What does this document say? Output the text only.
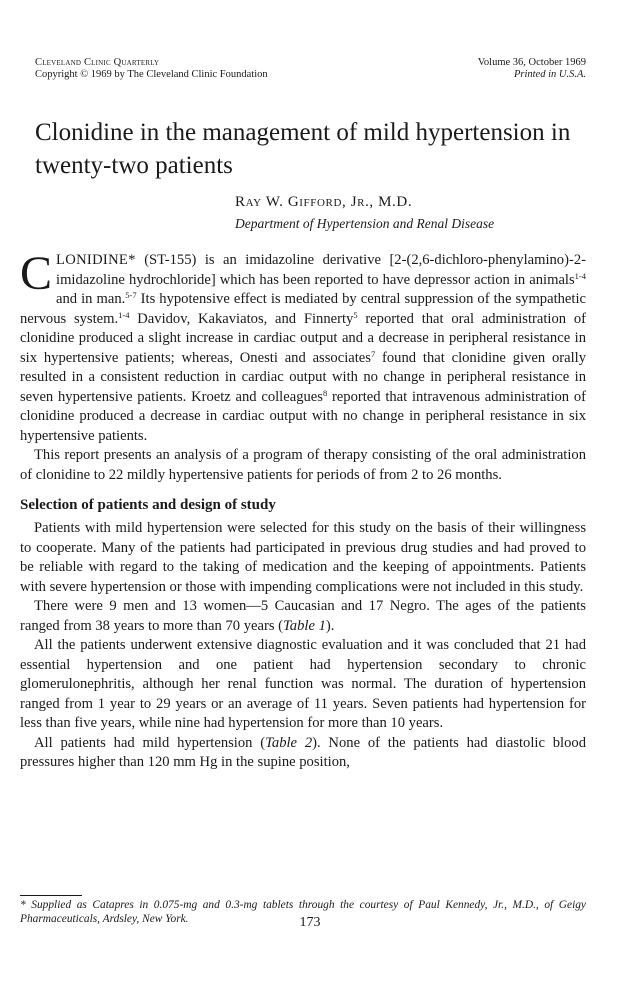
Cleveland Clinic Quarterly
Copyright © 1969 by The Cleveland Clinic Foundation
Volume 36, October 1969
Printed in U.S.A.
Clonidine in the management of mild hypertension in twenty-two patients
Ray W. Gifford, Jr., M.D.
Department of Hypertension and Renal Disease

CLONIDINE* (ST-155) is an imidazoline derivative [2-(2,6-dichloro-phenylamino)-2-imidazoline hydrochloride] which has been reported to have depressor action in animals$^{1-4}$ and in man.$^{5-7}$ Its hypotensive effect is mediated by central suppression of the sympathetic nervous system.$^{1-4}$ Davidov, Kakaviatos, and Finnerty$^5$ reported that oral administration of clonidine produced a slight increase in cardiac output and a decrease in peripheral resistance in six hypertensive patients; whereas, Onesti and associates$^7$ found that clonidine given orally resulted in a consistent reduction in cardiac output with no change in peripheral resistance in seven hypertensive patients. Kroetz and colleagues$^8$ reported that intravenous administration of clonidine produced a decrease in cardiac output with no change in peripheral resistance in six hypertensive patients.

This report presents an analysis of a program of therapy consisting of the oral administration of clonidine to 22 mildly hypertensive patients for periods of from 2 to 26 months.

Selection of patients and design of study

Patients with mild hypertension were selected for this study on the basis of their willingness to cooperate. Many of the patients had participated in previous drug studies and had proved to be reliable with regard to the taking of medication and the keeping of appointments. Patients with severe hypertension or those with impending complications were not included in this study.

There were 9 men and 13 women—5 Caucasian and 17 Negro. The ages of the patients ranged from 38 years to more than 70 years (Table 1).

All the patients underwent extensive diagnostic evaluation and it was concluded that 21 had essential hypertension and one patient had hypertension secondary to chronic glomerulonephritis, although her renal function was normal. The duration of hypertension ranged from 1 year to 29 years or an average of 11 years. Seven patients had hypertension for less than five years, while nine had hypertension for more than 10 years.

All patients had mild hypertension (Table 2). None of the patients had diastolic blood pressures higher than 120 mm Hg in the supine position,

* Supplied as Catapres in 0.075-mg and 0.3-mg tablets through the courtesy of Paul Kennedy, Jr., M.D., of Geigy Pharmaceuticals, Ardsley, New York.	173
